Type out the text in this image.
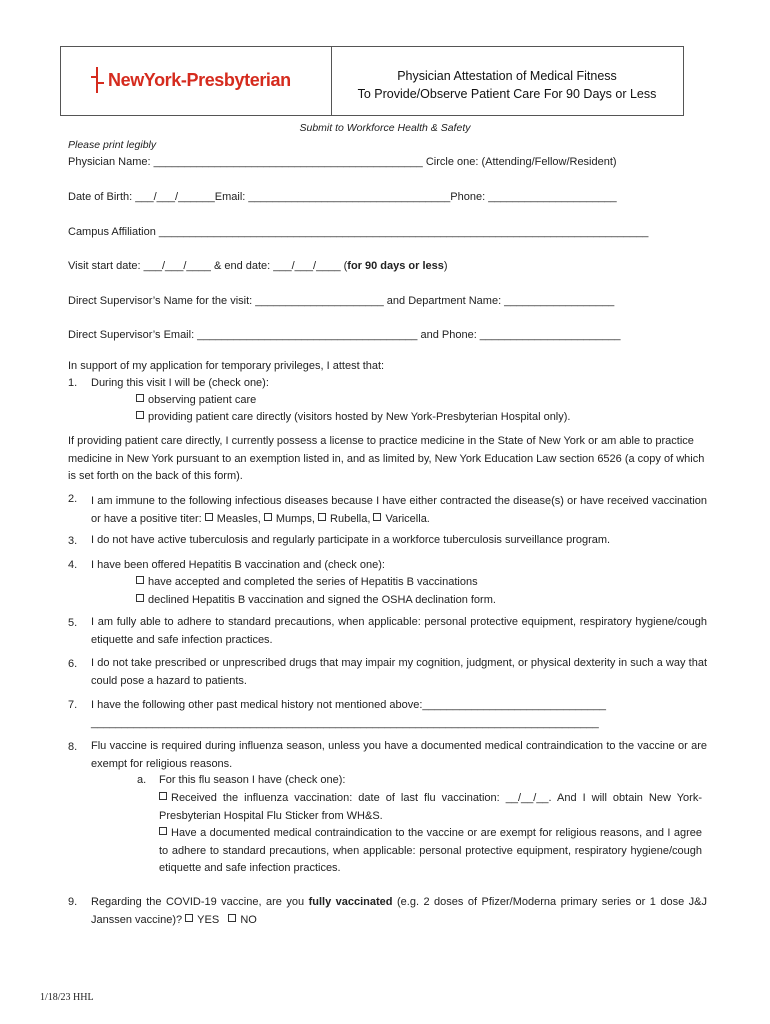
NewYork-Presbyterian	Physician Attestation of Medical Fitness
To Provide/Observe Patient Care For 90 Days or Less
Submit to Workforce Health & Safety
Please print legibly
Physician Name: ____________________________________________ Circle one: (Attending/Fellow/Resident)
Date of Birth: ___/___/______Email: _________________________________Phone: _____________________
Campus Affiliation ________________________________________________________________________________
Visit start date: ___/___/____ & end date: ___/___/____ (for 90 days or less)
Direct Supervisor’s Name for the visit: _____________________ and Department Name: __________________
Direct Supervisor’s Email: ____________________________________ and Phone: _______________________
In support of my application for temporary privileges, I attest that:
1. During this visit I will be (check one):
observing patient care
providing patient care directly (visitors hosted by New York-Presbyterian Hospital only).
If providing patient care directly, I currently possess a license to practice medicine in the State of New York or am able to practice medicine in New York pursuant to an exemption listed in, and as limited by, New York Education Law section 6526 (a copy of which is set forth on the back of this form).
2. I am immune to the following infectious diseases because I have either contracted the disease(s) or have received vaccination or have a positive titer: Measles, Mumps, Rubella, Varicella.
3. I do not have active tuberculosis and regularly participate in a workforce tuberculosis surveillance program.
4. I have been offered Hepatitis B vaccination and (check one):
have accepted and completed the series of Hepatitis B vaccinations
declined Hepatitis B vaccination and signed the OSHA declination form.
5. I am fully able to adhere to standard precautions, when applicable: personal protective equipment, respiratory hygiene/cough etiquette and safe infection practices.
6. I do not take prescribed or unprescribed drugs that may impair my cognition, judgment, or physical dexterity in such a way that could pose a hazard to patients.
7. I have the following other past medical history not mentioned above:______________________________
___________________________________________________________________________________
8. Flu vaccine is required during influenza season, unless you have a documented medical contraindication to the vaccine or are exempt for religious reasons.
a. For this flu season I have (check one):
Received the influenza vaccination: date of last flu vaccination: __/__/__. And I will obtain New York-Presbyterian Hospital Flu Sticker from WH&S.
Have a documented medical contraindication to the vaccine or are exempt for religious reasons, and I agree to adhere to standard precautions, when applicable: personal protective equipment, respiratory hygiene/cough etiquette and safe infection practices.
9. Regarding the COVID-19 vaccine, are you fully vaccinated (e.g. 2 doses of Pfizer/Moderna primary series or 1 dose J&J Janssen vaccine)? YES NO
1/18/23 HHL
